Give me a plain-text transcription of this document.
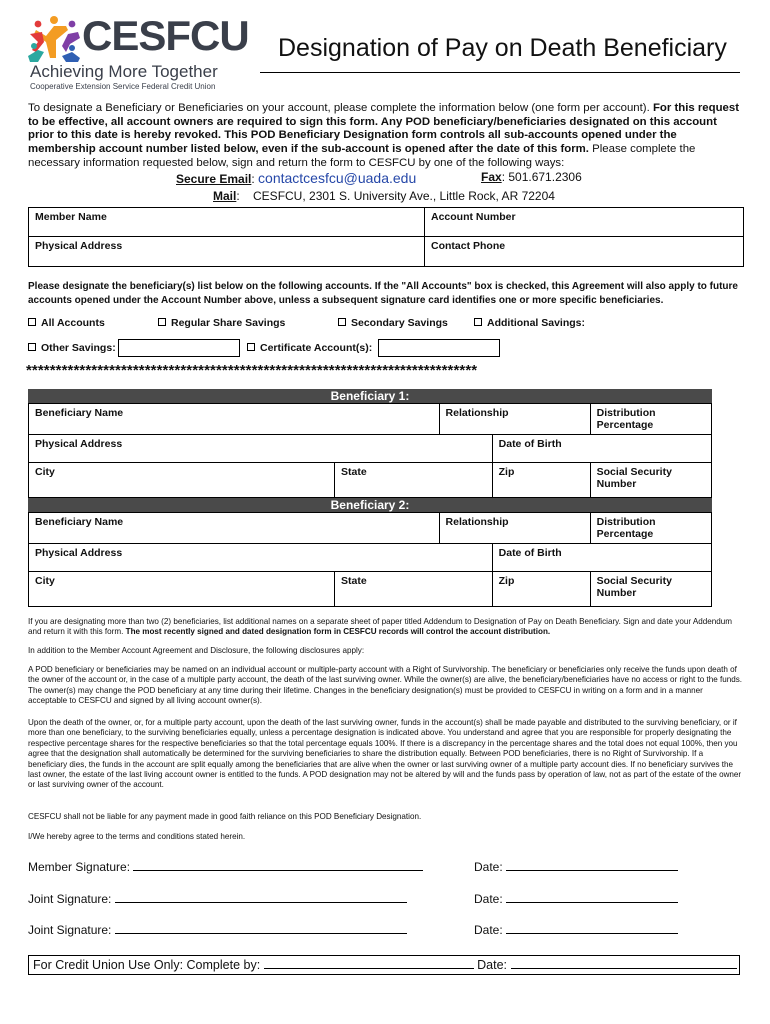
CESFCU
Achieving More Together
Cooperative Extension Service Federal Credit Union
Designation of Pay on Death Beneficiary
To designate a Beneficiary or Beneficiaries on your account, please complete the information below (one form per account). For this request to be effective, all account owners are required to sign this form. Any POD beneficiary/beneficiaries designated on this account prior to this date is hereby revoked. This POD Beneficiary Designation form controls all sub-accounts opened under the membership account number listed below, even if the sub-account is opened after the date of this form. Please complete the necessary information requested below, sign and return the form to CESFCU by one of the following ways:
Secure Email: contactcesfcu@uada.edu	Fax: 501.671.2306
Mail:    CESFCU, 2301 S. University Ave., Little Rock, AR 72204
Member Name	Account Number
Physical Address	Contact Phone
Please designate the beneficiary(s) list below on the following accounts. If the "All Accounts" box is checked, this Agreement will also apply to future accounts opened under the Account Number above, unless a subsequent signature card identifies one or more specific beneficiaries.
All Accounts	Regular Share Savings	Secondary Savings	Additional Savings:
Other Savings:	Certificate Account(s):
****************************************************************************
Beneficiary 1:
Beneficiary Name		Relationship		Distribution Percentage
Physical Address			Date of Birth	
City	State		Zip	Social Security Number
Beneficiary 2:
Beneficiary Name		Relationship		Distribution Percentage
Physical Address			Date of Birth	
City	State		Zip	Social Security Number
If you are designating more than two (2) beneficiaries, list additional names on a separate sheet of paper titled Addendum to Designation of Pay on Death Beneficiary. Sign and date your Addendum and return it with this form. The most recently signed and dated designation form in CESFCU records will control the account distribution.
In addition to the Member Account Agreement and Disclosure, the following disclosures apply:
A POD beneficiary or beneficiaries may be named on an individual account or multiple-party account with a Right of Survivorship. The beneficiary or beneficiaries only receive the funds upon death of the owner of the account or, in the case of a multiple party account, the death of the last surviving owner. While the owner(s) are alive, the beneficiary/beneficiaries have no access or right to the funds. The owner(s) may change the POD beneficiary at any time during their lifetime. Changes in the beneficiary designation(s) must be provided to CESFCU in writing on a form and in a manner acceptable to CESFCU and signed by all living account owner(s).
Upon the death of the owner, or, for a multiple party account, upon the death of the last surviving owner, funds in the account(s) shall be made payable and distributed to the surviving beneficiary, or if more than one beneficiary, to the surviving beneficiaries equally, unless a percentage designation is indicated above. You understand and agree that you are responsible for properly designating the respective percentage shares for the respective beneficiaries so that the total percentage equals 100%. If there is a discrepancy in the percentage shares and the total does not equal 100%, then you agree that the designation shall automatically be determined for the surviving beneficiaries to share the distribution equally. Between POD beneficiaries, there is no Right of Survivorship. If a beneficiary dies, the funds in the account are split equally among the beneficiaries that are alive when the owner or last surviving owner of a multiple party account dies. If no beneficiary survives the last owner, the estate of the last living account owner is entitled to the funds. A POD designation may not be altered by will and the funds pass by operation of law, not as part of the estate of the owner or last surviving owner of the account.
CESFCU shall not be liable for any payment made in good faith reliance on this POD Beneficiary Designation.
I/We hereby agree to the terms and conditions stated herein.
Member Signature:	Date:
Joint Signature:	Date:
Joint Signature:	Date:
For Credit Union Use Only: Complete by:	Date:
